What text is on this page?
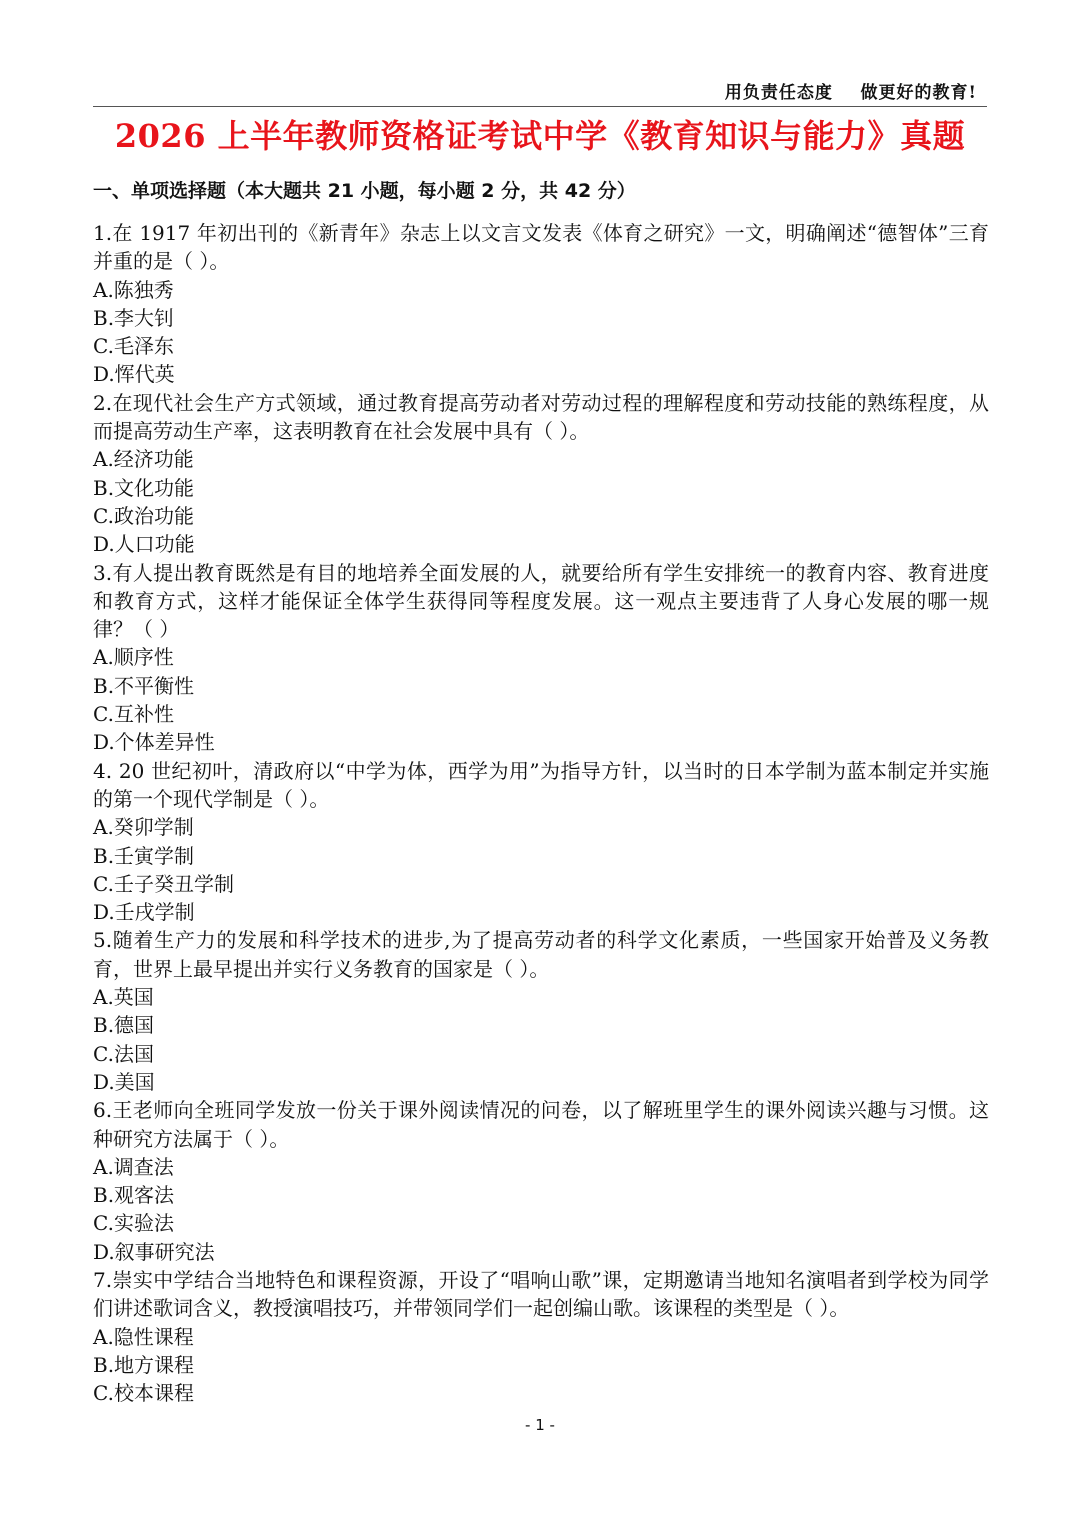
用负责任态度    做更好的教育!
2026 上半年教师资格证考试中学《教育知识与能力》真题
一、单项选择题（本大题共 21 小题，每小题 2 分，共 42 分）

1.在 1917 年初出刊的《新青年》杂志上以文言文发表《体育之研究》一文，明确阐述“德智体”三育并重的是（ ）。

A.陈独秀

B.李大钊

C.毛泽东

D.恽代英

2.在现代社会生产方式领域，通过教育提高劳动者对劳动过程的理解程度和劳动技能的熟练程度，从而提高劳动生产率，这表明教育在社会发展中具有（ ）。

A.经济功能

B.文化功能

C.政治功能

D.人口功能

3.有人提出教育既然是有目的地培养全面发展的人，就要给所有学生安排统一的教育内容、教育进度和教育方式，这样才能保证全体学生获得同等程度发展。这一观点主要违背了人身心发展的哪一规律？（ ）

A.顺序性

B.不平衡性

C.互补性

D.个体差异性

4. 20 世纪初叶，清政府以“中学为体，西学为用”为指导方针，以当时的日本学制为蓝本制定并实施的第一个现代学制是（ ）。

A.癸卯学制

B.壬寅学制

C.壬子癸丑学制

D.壬戌学制

5.随着生产力的发展和科学技术的进步,为了提高劳动者的科学文化素质，一些国家开始普及义务教育，世界上最早提出并实行义务教育的国家是（ ）。

A.英国

B.德国

C.法国

D.美国

6.王老师向全班同学发放一份关于课外阅读情况的问卷，以了解班里学生的课外阅读兴趣与习惯。这种研究方法属于（ ）。

A.调查法

B.观客法

C.实验法

D.叙事研究法

7.崇实中学结合当地特色和课程资源，开设了“唱响山歌”课，定期邀请当地知名演唱者到学校为同学们讲述歌词含义，教授演唱技巧，并带领同学们一起创编山歌。该课程的类型是（ ）。

A.隐性课程

B.地方课程

C.校本课程

- 1 -
